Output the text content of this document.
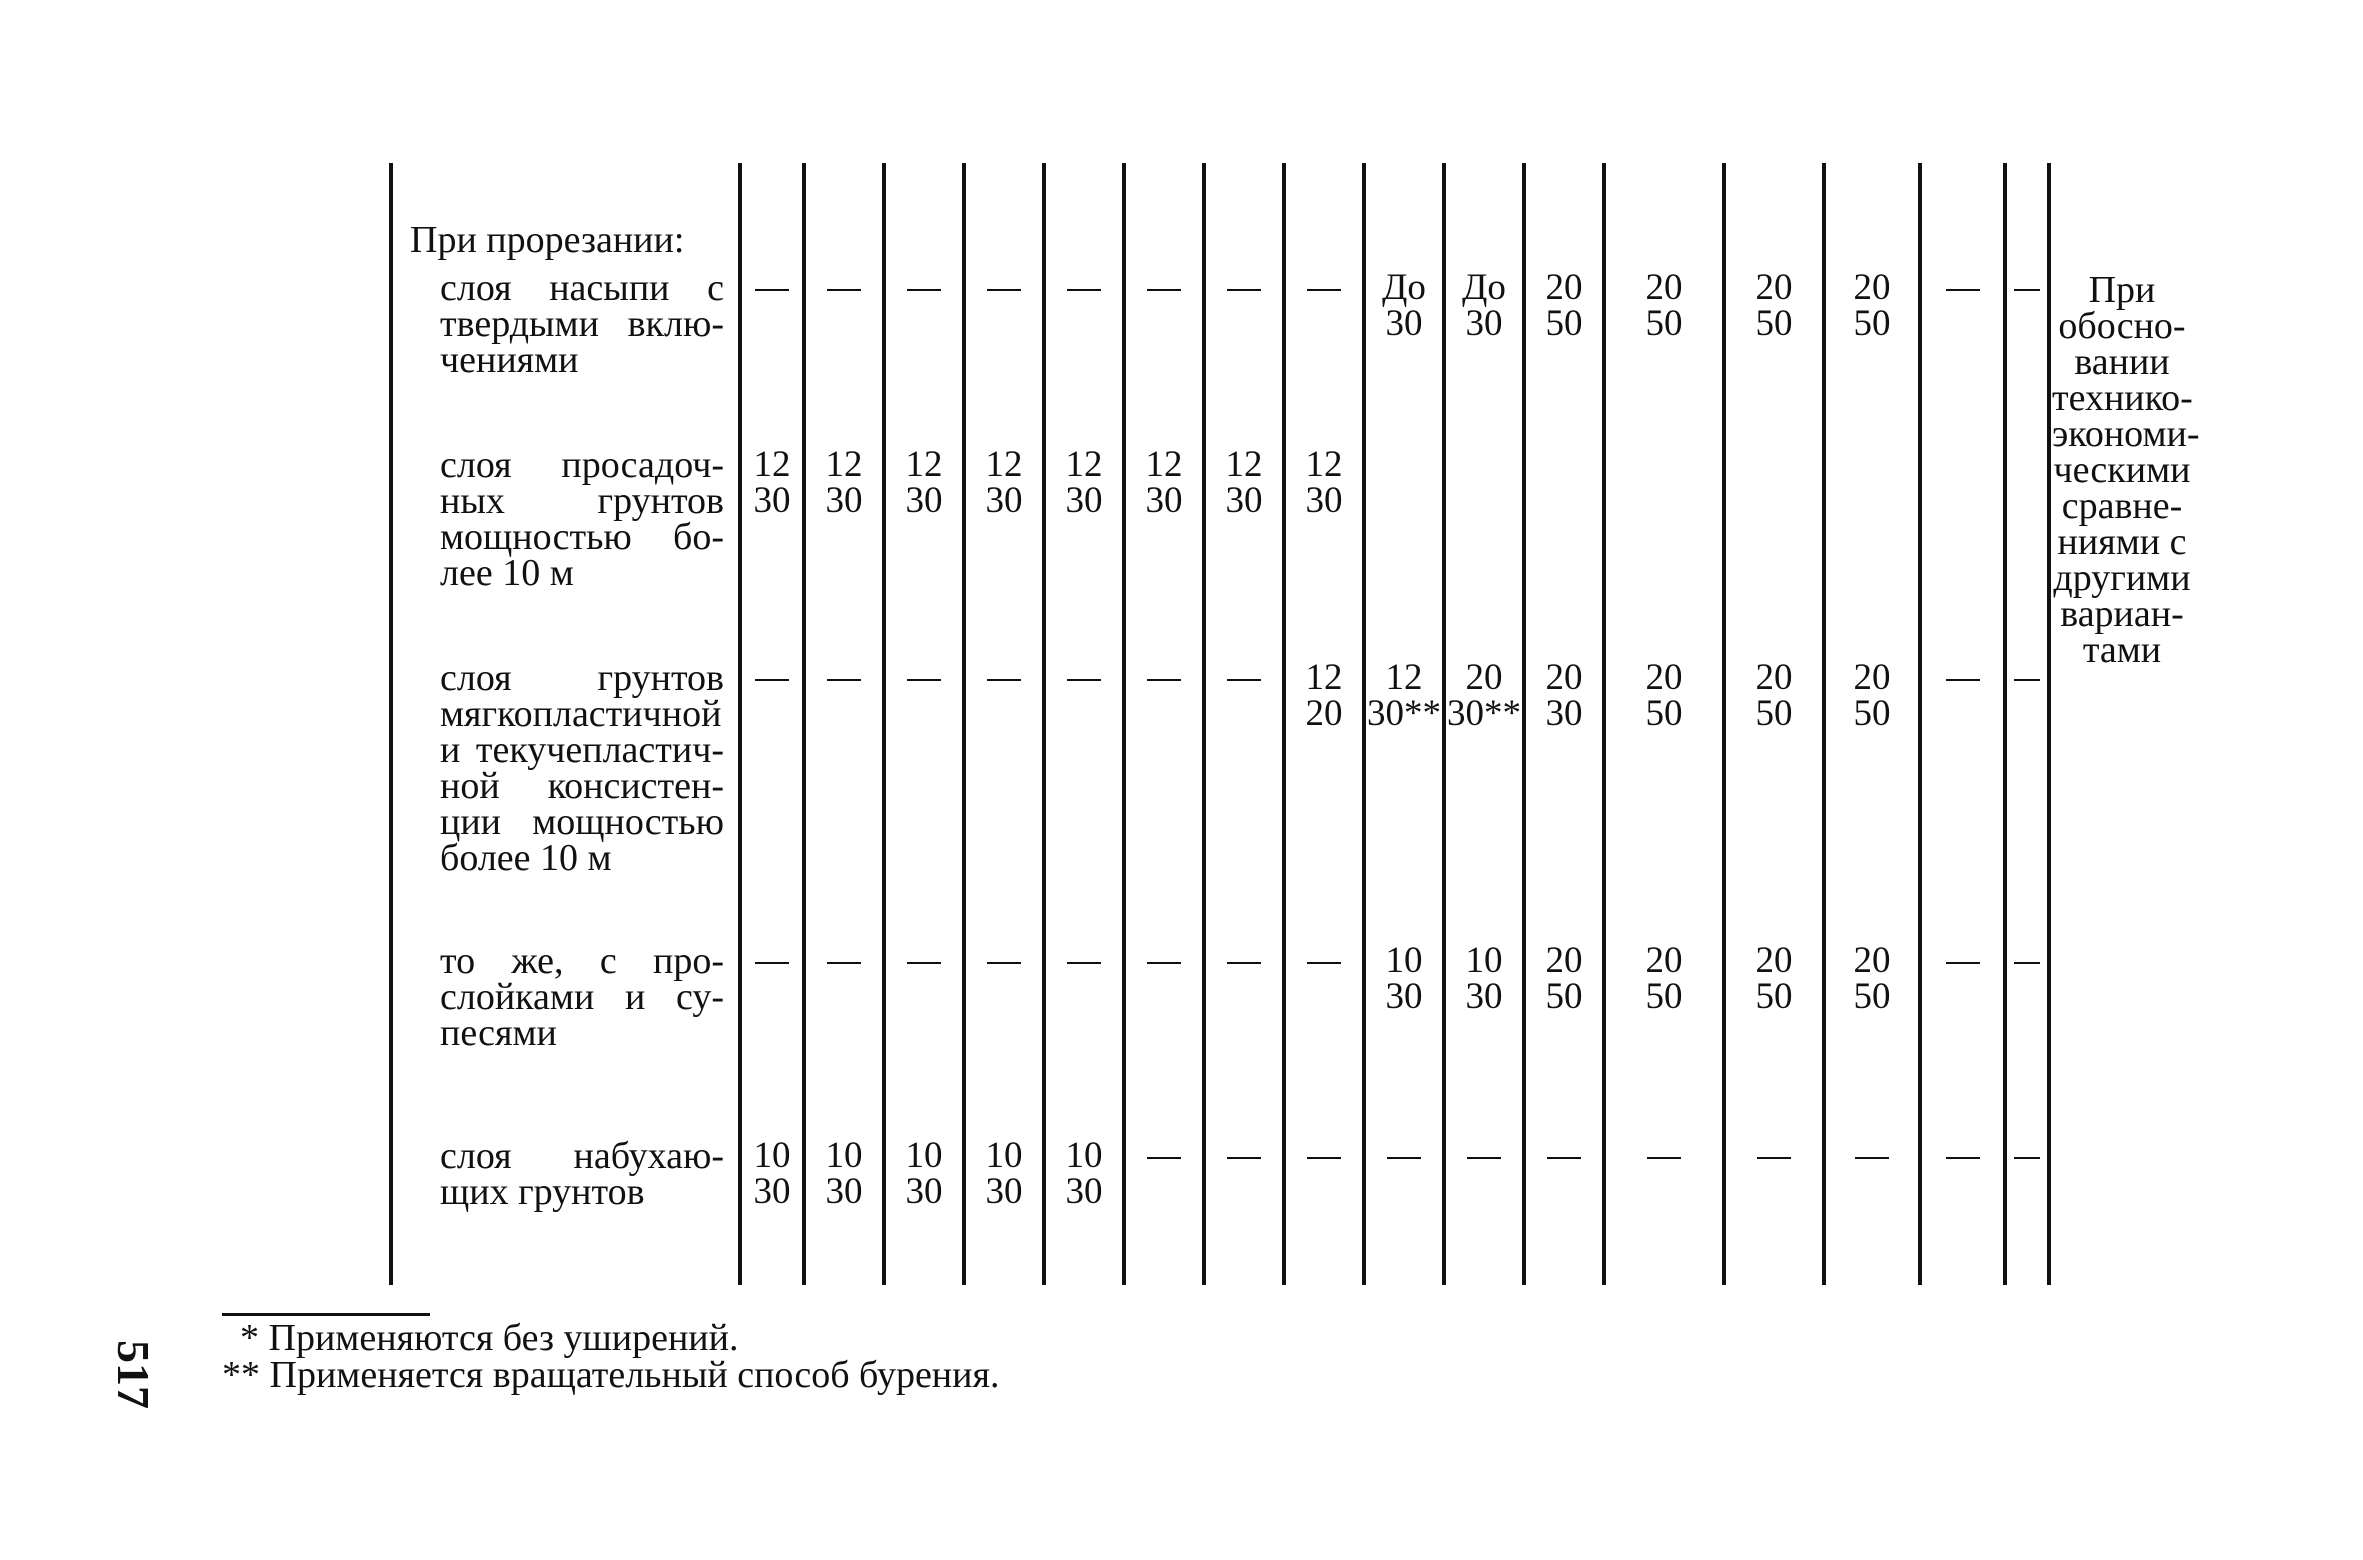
слоя насыпи с
твердыми вклю-
чениями
До
30
До
30
20
50
20
50
20
50
20
50
слоя просадоч-
ных грунтов
мощностью бо-
лее 10 м
12
30
12
30
12
30
12
30
12
30
12
30
12
30
12
30
слоя грунтов
мягкопластичной
и текучепластич-
ной консистен-
ции мощностью
более 10 м
12
20
12
30**
20
30**
20
30
20
50
20
50
20
50
то же, с про-
слойками и су-
песями
10
30
10
30
20
50
20
50
20
50
20
50
слоя набухаю-
щих грунтов
10
30
10
30
10
30
10
30
10
30
При прорезании:
При
обосно-
вании
технико-
экономи-
ческими
сравне-
ниями с
другими
вариан-
тами
* Применяются без уширений.
** Применяется вращательный способ бурения.
517
